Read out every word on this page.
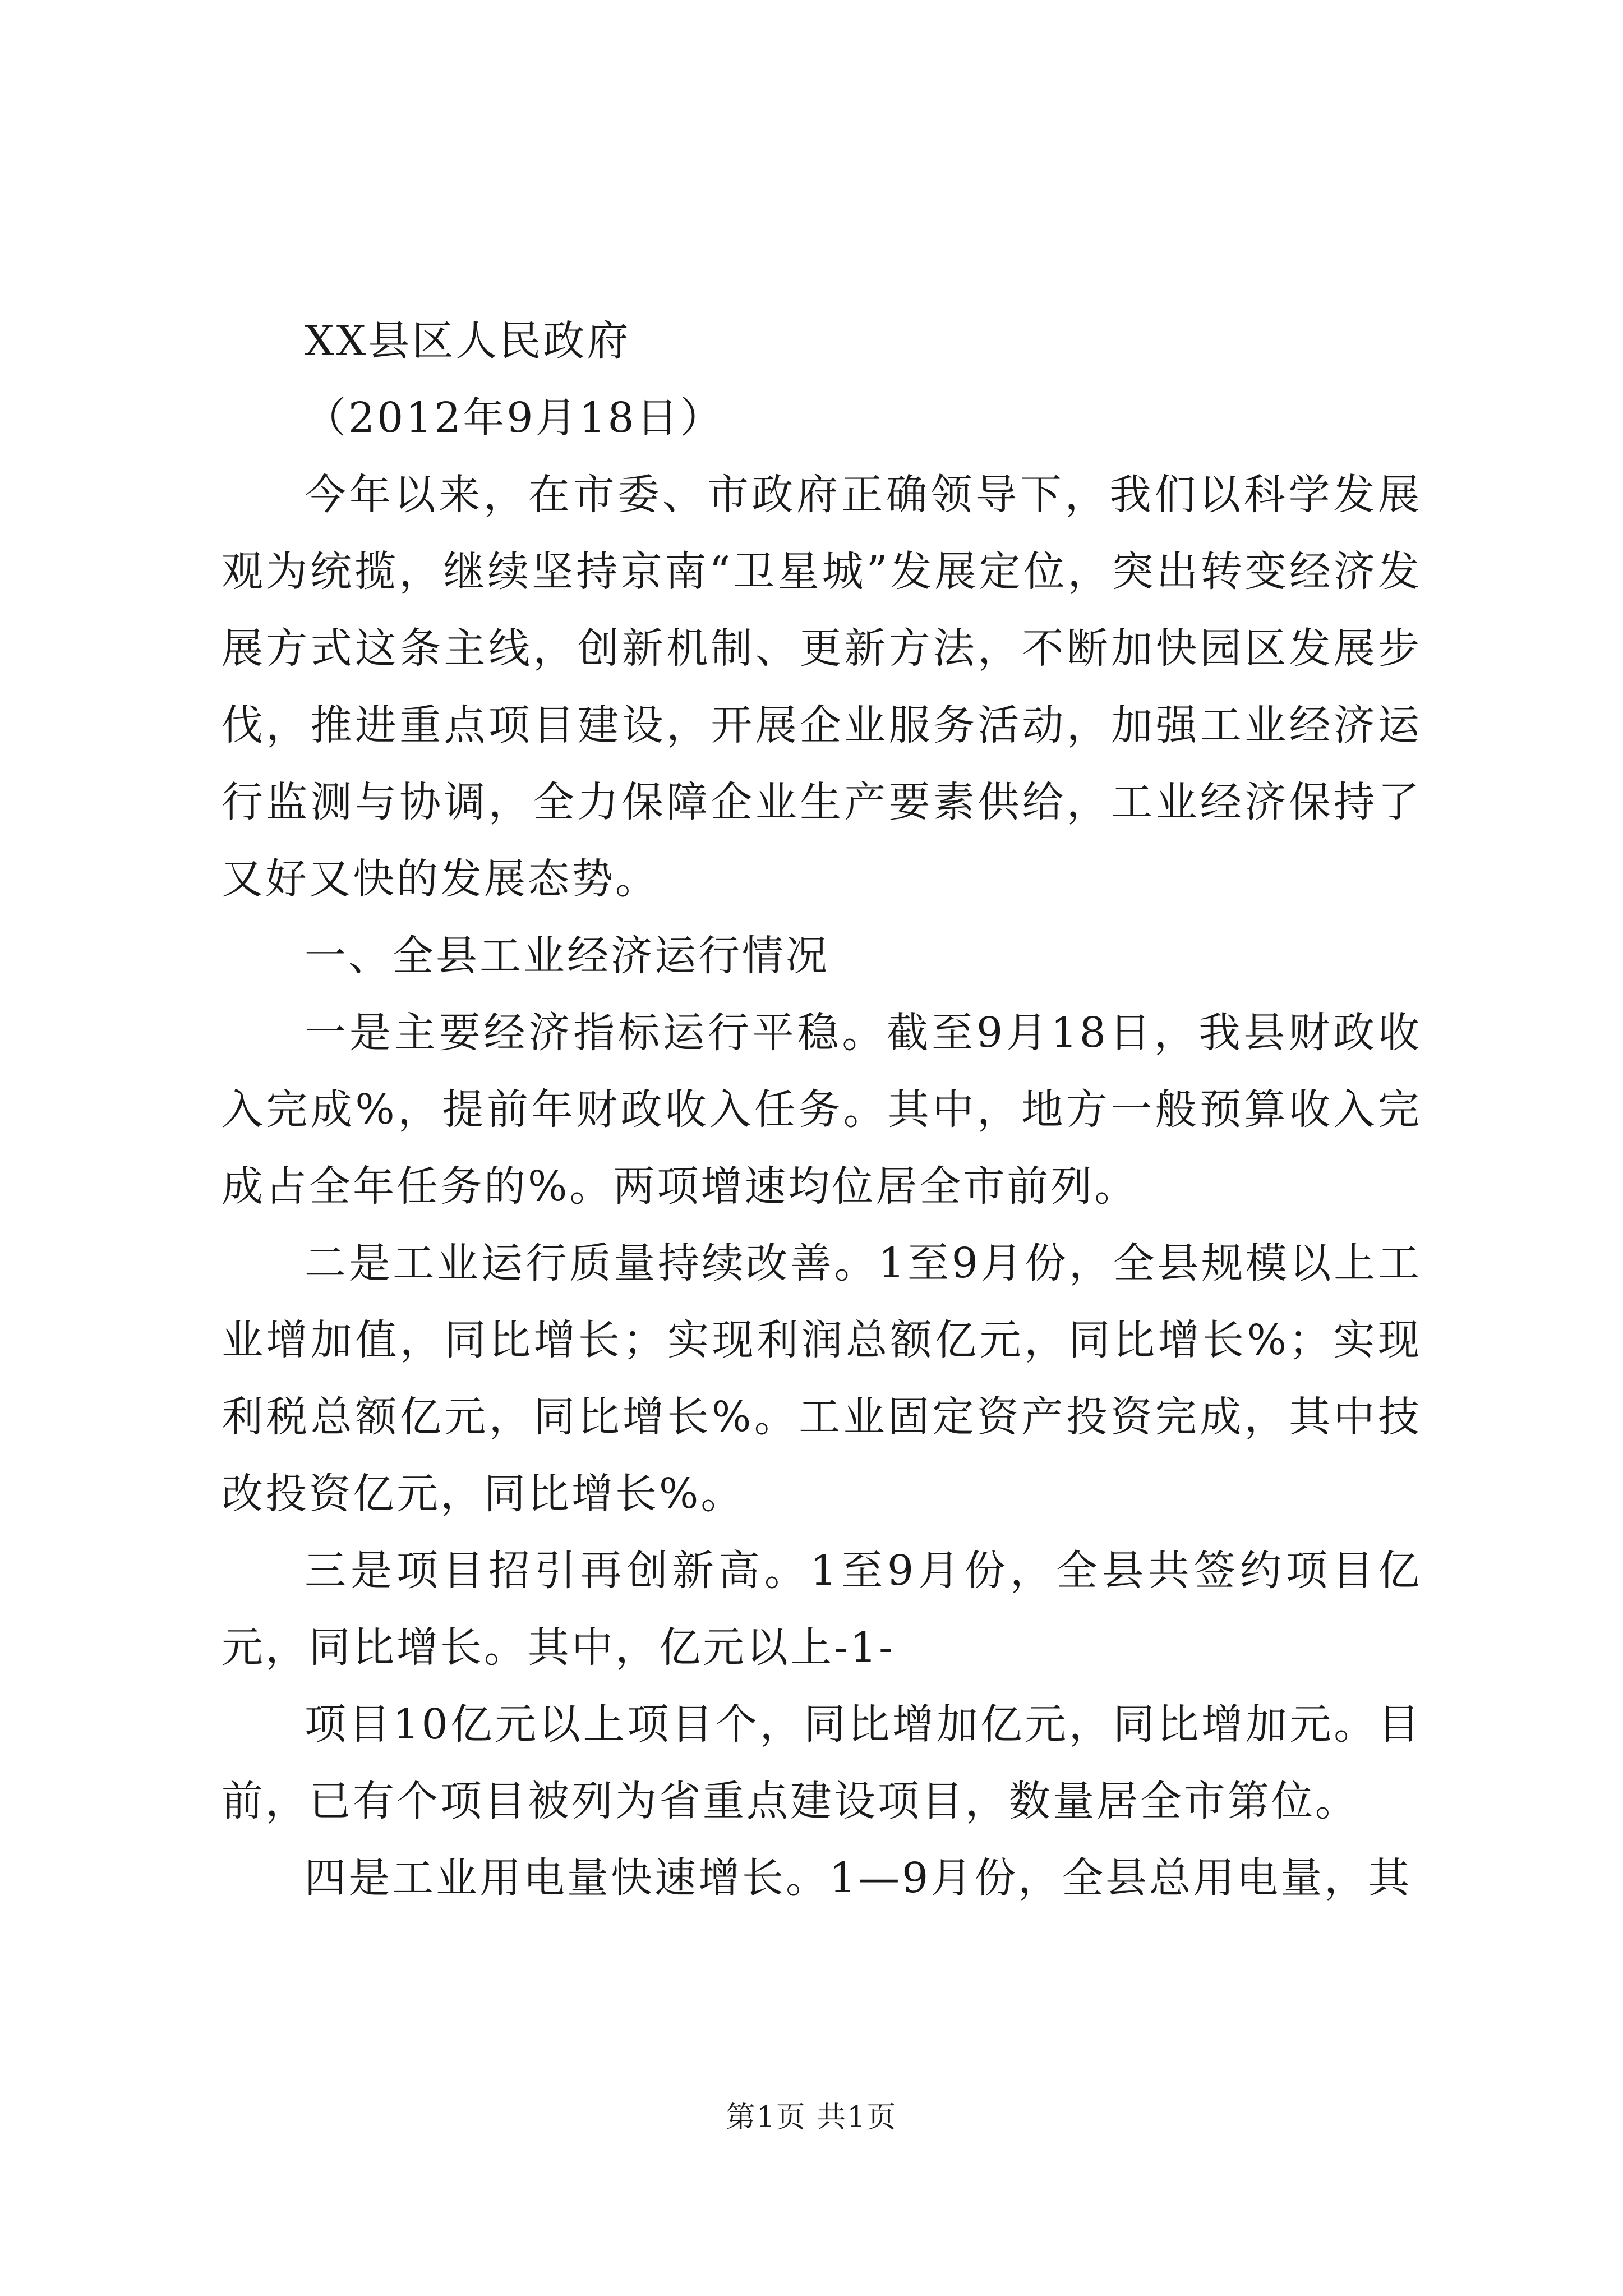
XX县区人民政府

（2012年9月18日）

今年以来，在市委、市政府正确领导下，我们以科学发展观为统揽，继续坚持京南“卫星城”发展定位，突出转变经济发展方式这条主线，创新机制、更新方法，不断加快园区发展步伐，推进重点项目建设，开展企业服务活动，加强工业经济运行监测与协调，全力保障企业生产要素供给，工业经济保持了又好又快的发展态势。

一、全县工业经济运行情况

一是主要经济指标运行平稳。截至9月18日，我县财政收入完成%，提前年财政收入任务。其中，地方一般预算收入完成占全年任务的%。两项增速均位居全市前列。

二是工业运行质量持续改善。1至9月份，全县规模以上工业增加值，同比增长；实现利润总额亿元，同比增长%；实现利税总额亿元，同比增长%。工业固定资产投资完成，其中技改投资亿元，同比增长%。

三是项目招引再创新高。1至9月份，全县共签约项目亿元，同比增长。其中，亿元以上-1-

项目10亿元以上项目个，同比增加亿元，同比增加元。目前，已有个项目被列为省重点建设项目，数量居全市第位。

四是工业用电量快速增长。1—9月份，全县总用电量，其

第1页 共1页
